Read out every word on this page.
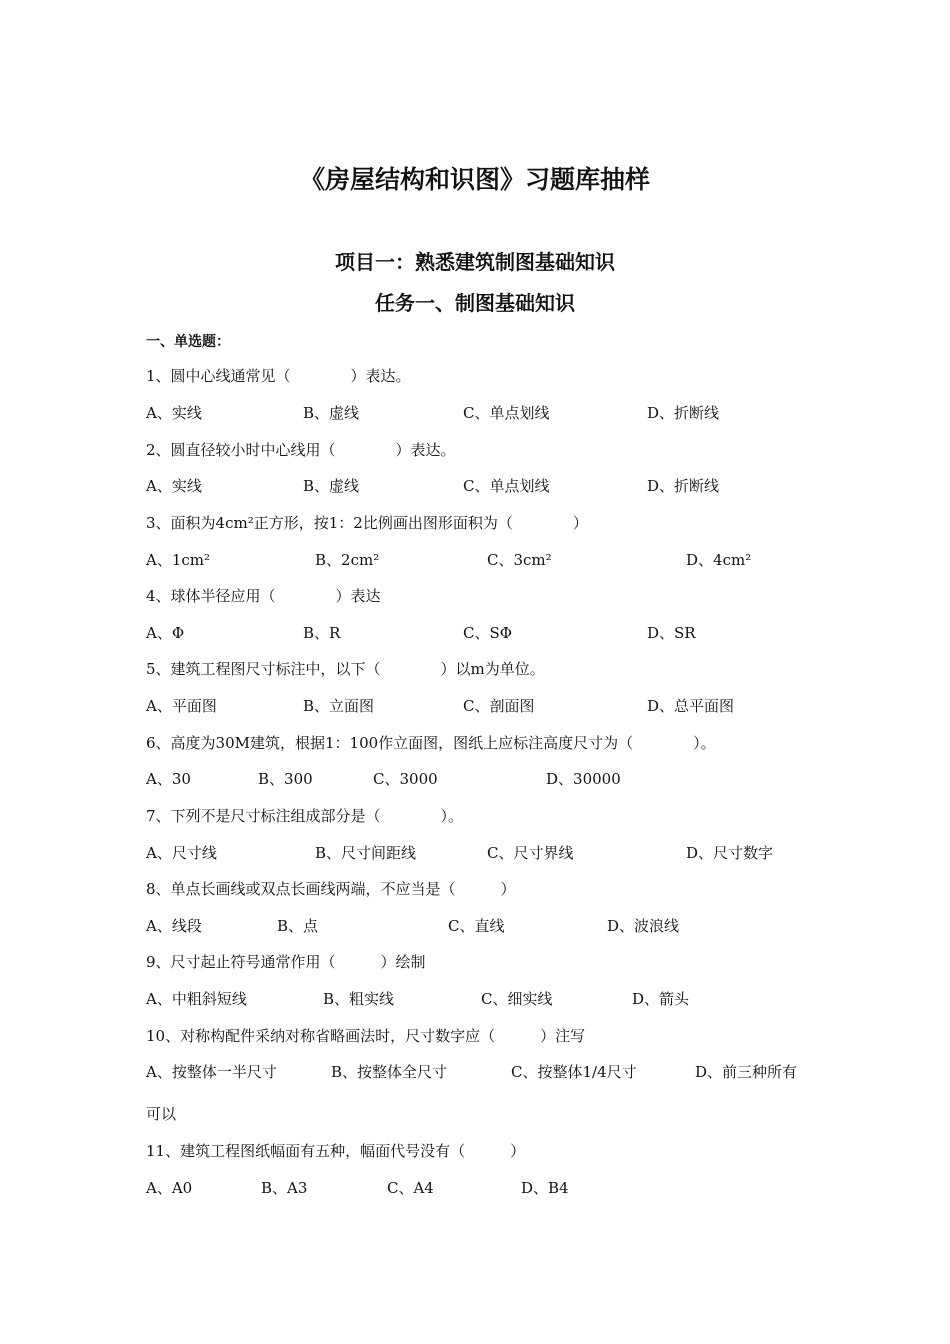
《房屋结构和识图》习题库抽样
项目一：熟悉建筑制图基础知识
任务一、制图基础知识
一、单选题：
1、圆中心线通常见（　　　　）表达。
A、实线	B、虚线	C、单点划线	D、折断线
2、圆直径较小时中心线用（　　　　）表达。
A、实线	B、虚线	C、单点划线	D、折断线
3、面积为4cm²正方形，按1：2比例画出图形面积为（　　　　）
A、1cm²	B、2cm²	C、3cm²	D、4cm²
4、球体半径应用（　　　　）表达
A、Φ	B、R	C、SΦ	D、SR
5、建筑工程图尺寸标注中，以下（　　　　）以m为单位。
A、平面图	B、立面图	C、剖面图	D、总平面图
6、高度为30M建筑，根据1：100作立面图，图纸上应标注高度尺寸为（　　　　）。
A、30	B、300	C、3000	D、30000
7、下列不是尺寸标注组成部分是（　　　　）。
A、尺寸线	B、尺寸间距线	C、尺寸界线	D、尺寸数字
8、单点长画线或双点长画线两端，不应当是（　　　）
A、线段	B、点	C、直线	D、波浪线
9、尺寸起止符号通常作用（　　　）绘制
A、中粗斜短线	B、粗实线	C、细实线	D、箭头
10、对称构配件采纳对称省略画法时，尺寸数字应（　　　）注写
A、按整体一半尺寸	B、按整体全尺寸	C、按整体1/4尺寸	D、前三种所有
可以
11、建筑工程图纸幅面有五种，幅面代号没有（　　　）
A、A0	B、A3	C、A4	D、B4
